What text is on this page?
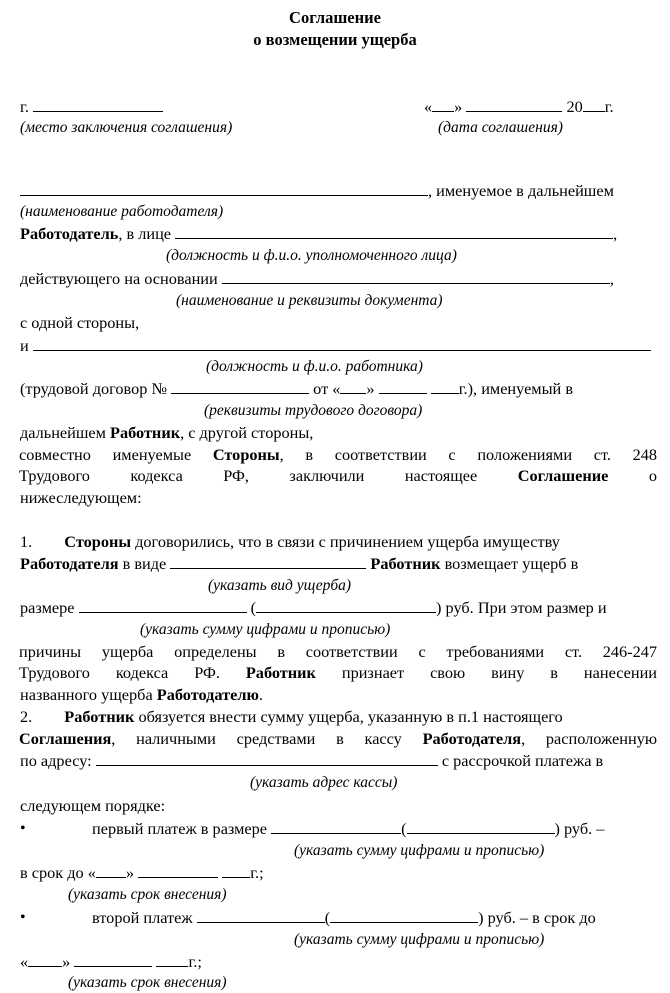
Соглашение
о возмещении ущерба
г.	« »	20 г.
(место заключения соглашения)	(дата соглашения)
, именуемое в дальнейшем
(наименование работодателя)
Работодатель, в лице	,
(должность и ф.и.о. уполномоченного лица)
действующего на основании	,
(наименование и реквизиты документа)
с одной стороны,
и
(должность и ф.и.о. работника)
(трудовой договор №	от « »	г.), именуемый в
(реквизиты трудового договора)
дальнейшем Работник, с другой стороны,
совместно именуемые Стороны, в соответствии с положениями ст. 248
Трудового кодекса РФ, заключили настоящее Соглашение о
нижеследующем:
1. Стороны договорились, что в связи с причинением ущерба имуществу
Работодателя в виде	Работник возмещает ущерб в
(указать вид ущерба)
размере	(	) руб. При этом размер и
(указать сумму цифрами и прописью)
причины ущерба определены в соответствии с требованиями ст. 246-247
Трудового кодекса РФ. Работник признает свою вину в нанесении
названного ущерба Работодателю.
2. Работник обязуется внести сумму ущерба, указанную в п.1 настоящего
Соглашения, наличными средствами в кассу Работодателя, расположенную
по адресу:	с рассрочкой платежа в
(указать адрес кассы)
следующем порядке:
•	первый платеж в размере	(	) руб. –
(указать сумму цифрами и прописью)
в срок до « »	г.;
(указать срок внесения)
•	второй платеж	(	) руб. – в срок до
(указать сумму цифрами и прописью)
« »	г.;
(указать срок внесения)
